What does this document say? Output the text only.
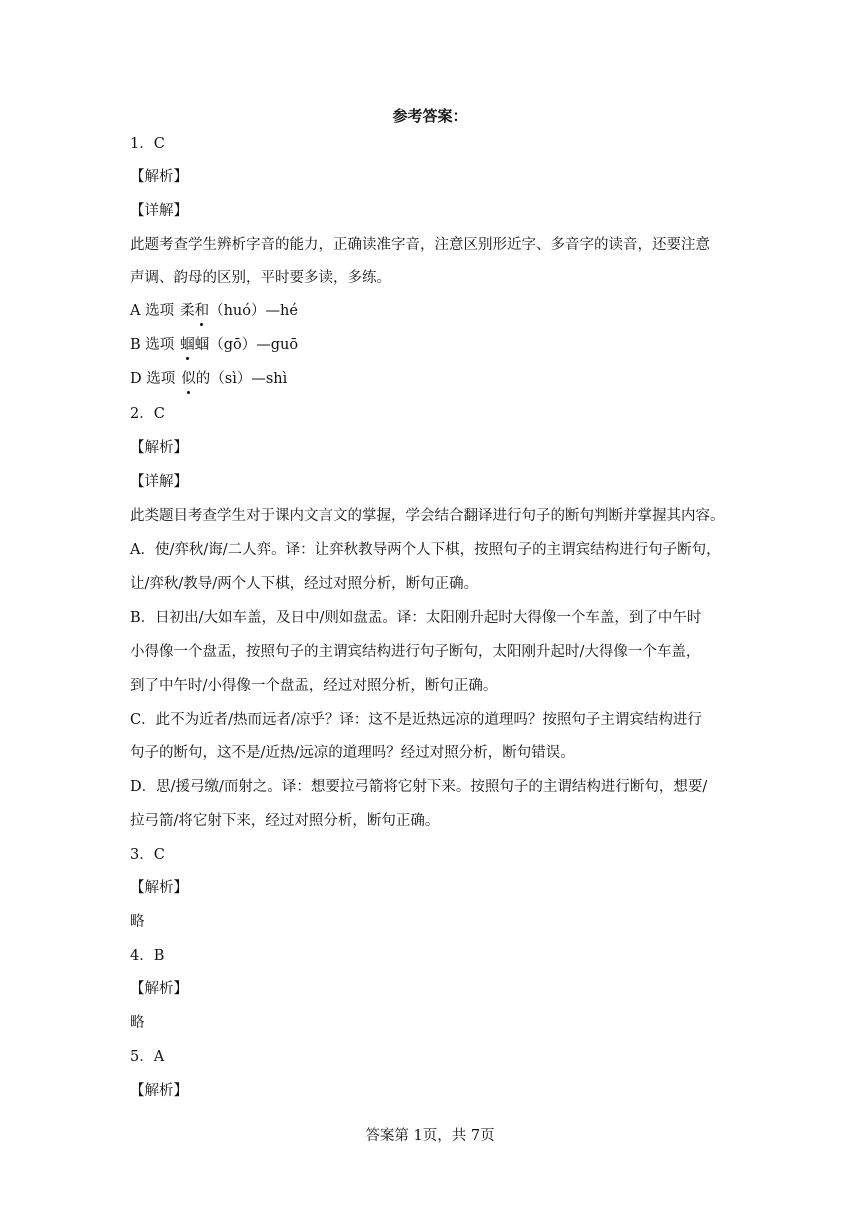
参考答案：
1．C
【解析】
【详解】
此题考查学生辨析字音的能力，正确读准字音，注意区别形近字、多音字的读音，还要注意
声调、韵母的区别，平时要多读，多练。
A 选项 柔和（huó）—hé
B 选项 蝈蝈（gō）—guō
D 选项 似的（sì）—shì
2．C
【解析】
【详解】
此类题目考查学生对于课内文言文的掌握，学会结合翻译进行句子的断句判断并掌握其内容。
A．使/弈秋/诲/二人弈。译：让弈秋教导两个人下棋，按照句子的主谓宾结构进行句子断句，
让/弈秋/教导/两个人下棋，经过对照分析，断句正确。
B．日初出/大如车盖，及日中/则如盘盂。译：太阳刚升起时大得像一个车盖，到了中午时
小得像一个盘盂，按照句子的主谓宾结构进行句子断句，太阳刚升起时/大得像一个车盖，
到了中午时/小得像一个盘盂，经过对照分析，断句正确。
C．此不为近者/热而远者/凉乎？译：这不是近热远凉的道理吗？按照句子主谓宾结构进行
句子的断句，这不是/近热/远凉的道理吗？经过对照分析，断句错误。
D．思/援弓缴/而射之。译：想要拉弓箭将它射下来。按照句子的主谓结构进行断句，想要/
拉弓箭/将它射下来，经过对照分析，断句正确。
3．C
【解析】
略
4．B
【解析】
略
5．A
【解析】
答案第 1页，共 7页
